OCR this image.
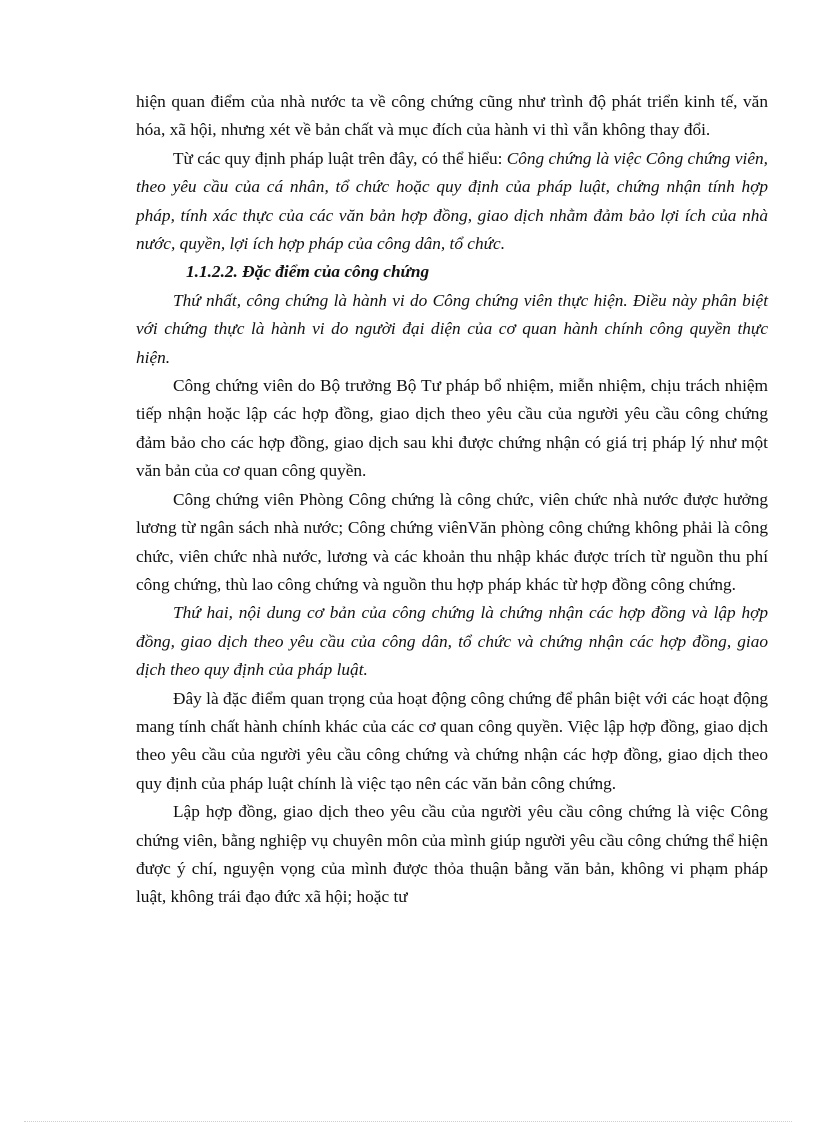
hiện quan điểm của nhà nước ta về công chứng cũng như trình độ phát triển kinh tế, văn hóa, xã hội, nhưng xét về bản chất và mục đích của hành vi thì vẫn không thay đổi.

Từ các quy định pháp luật trên đây, có thể hiểu: Công chứng là việc Công chứng viên, theo yêu cầu của cá nhân, tổ chức hoặc quy định của pháp luật, chứng nhận tính hợp pháp, tính xác thực của các văn bản hợp đồng, giao dịch nhằm đảm bảo lợi ích của nhà nước, quyền, lợi ích hợp pháp của công dân, tổ chức.

1.1.2.2. Đặc điểm của công chứng

Thứ nhất, công chứng là hành vi do Công chứng viên thực hiện. Điều này phân biệt với chứng thực là hành vi do người đại diện của cơ quan hành chính công quyền thực hiện.

Công chứng viên do Bộ trưởng Bộ Tư pháp bổ nhiệm, miễn nhiệm, chịu trách nhiệm tiếp nhận hoặc lập các hợp đồng, giao dịch theo yêu cầu của người yêu cầu công chứng đảm bảo cho các hợp đồng, giao dịch sau khi được chứng nhận có giá trị pháp lý như một văn bản của cơ quan công quyền.

Công chứng viên Phòng Công chứng là công chức, viên chức nhà nước được hưởng lương từ ngân sách nhà nước; Công chứng viênVăn phòng công chứng không phải là công chức, viên chức nhà nước, lương và các khoản thu nhập khác được trích từ nguồn thu phí công chứng, thù lao công chứng và nguồn thu hợp pháp khác từ hợp đồng công chứng.

Thứ hai, nội dung cơ bản của công chứng là chứng nhận các hợp đồng và lập hợp đồng, giao dịch theo yêu cầu của công dân, tổ chức và chứng nhận các hợp đồng, giao dịch theo quy định của pháp luật.

Đây là đặc điểm quan trọng của hoạt động công chứng để phân biệt với các hoạt động mang tính chất hành chính khác của các cơ quan công quyền. Việc lập hợp đồng, giao dịch theo yêu cầu của người yêu cầu công chứng và chứng nhận các hợp đồng, giao dịch theo quy định của pháp luật chính là việc tạo nên các văn bản công chứng.

Lập hợp đồng, giao dịch theo yêu cầu của người yêu cầu công chứng là việc Công chứng viên, bằng nghiệp vụ chuyên môn của mình giúp người yêu cầu công chứng thể hiện được ý chí, nguyện vọng của mình được thỏa thuận bằng văn bản, không vi phạm pháp luật, không trái đạo đức xã hội; hoặc tư
